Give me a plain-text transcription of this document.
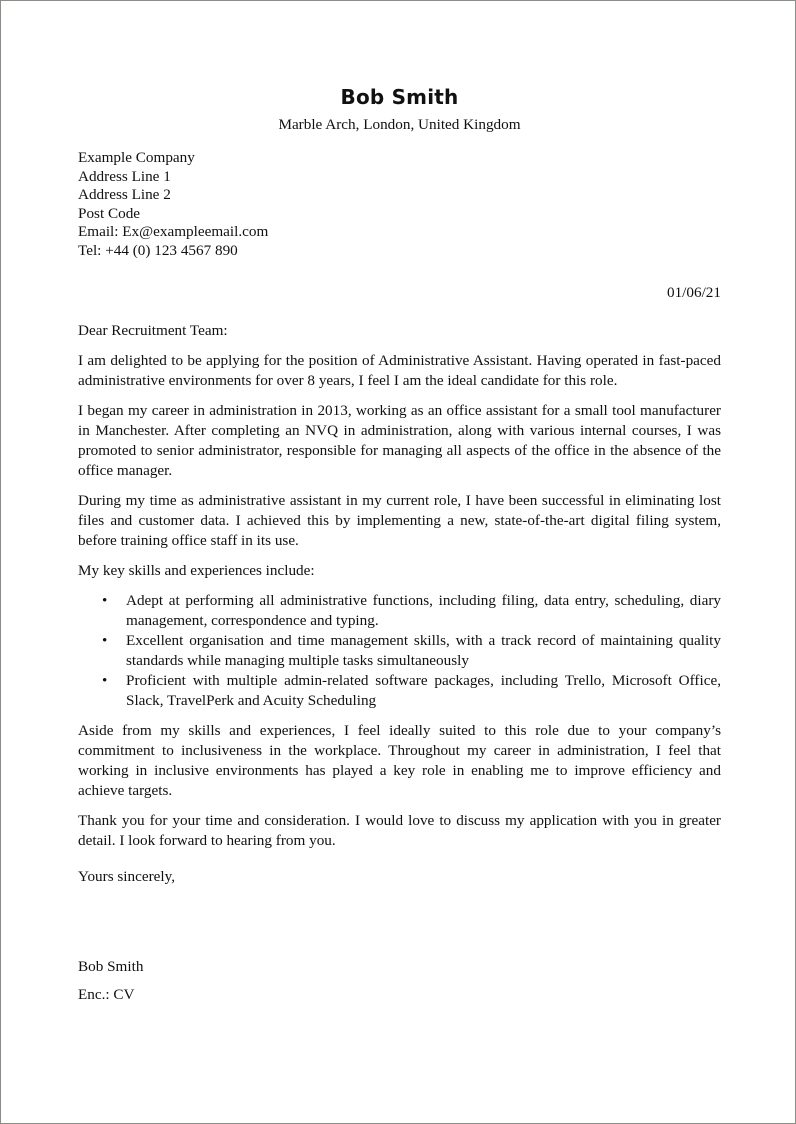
Bob Smith
Marble Arch, London, United Kingdom
Example Company
Address Line 1
Address Line 2
Post Code
Email: Ex@exampleemail.com
Tel: +44 (0) 123 4567 890
01/06/21
Dear Recruitment Team:

I am delighted to be applying for the position of Administrative Assistant. Having operated in fast-paced administrative environments for over 8 years, I feel I am the ideal candidate for this role.

I began my career in administration in 2013, working as an office assistant for a small tool manufacturer in Manchester. After completing an NVQ in administration, along with various internal courses, I was promoted to senior administrator, responsible for managing all aspects of the office in the absence of the office manager.

During my time as administrative assistant in my current role, I have been successful in eliminating lost files and customer data. I achieved this by implementing a new, state-of-the-art digital filing system, before training office staff in its use.

My key skills and experiences include:

• Adept at performing all administrative functions, including filing, data entry, scheduling, diary management, correspondence and typing.
• Excellent organisation and time management skills, with a track record of maintaining quality standards while managing multiple tasks simultaneously
• Proficient with multiple admin-related software packages, including Trello, Microsoft Office, Slack, TravelPerk and Acuity Scheduling

Aside from my skills and experiences, I feel ideally suited to this role due to your company’s commitment to inclusiveness in the workplace. Throughout my career in administration, I feel that working in inclusive environments has played a key role in enabling me to improve efficiency and achieve targets.

Thank you for your time and consideration. I would love to discuss my application with you in greater detail. I look forward to hearing from you.

Yours sincerely,
Bob Smith
Enc.: CV
